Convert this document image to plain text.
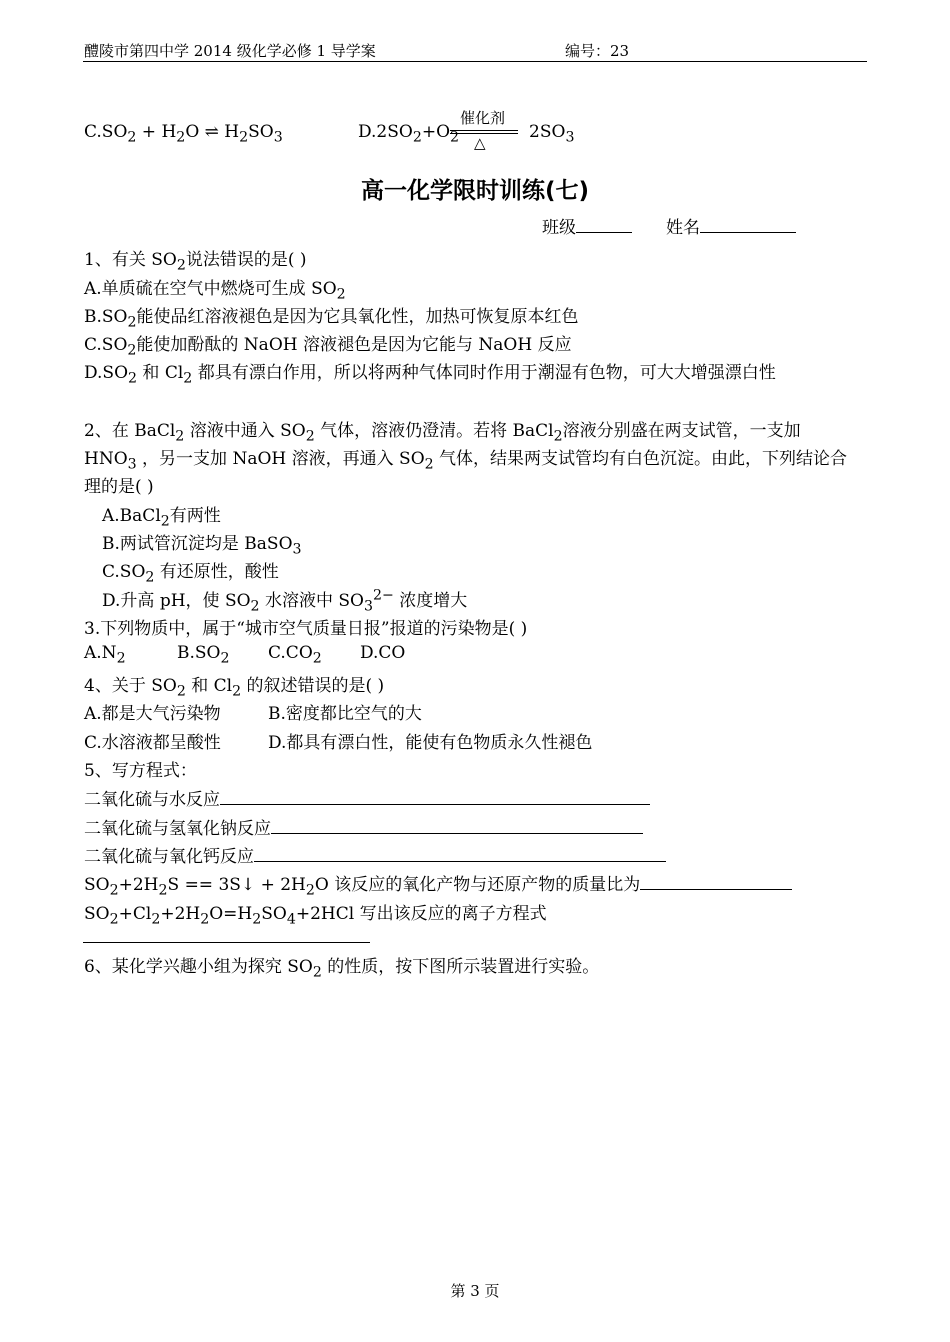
醴陵市第四中学 2014 级化学必修 1 导学案	编号：23
$C.SO_2 + H_2O$ ⇌ $H_2SO_3$	$D.2SO_2+O_2$	$2SO_3$
催化剂
△
高一化学限时训练(七)
班级	姓名
1、有关 $SO_2$说法错误的是( )
A.单质硫在空气中燃烧可生成 $SO_2$
$B.SO_2$能使品红溶液褪色是因为它具氧化性，加热可恢复原本红色
$C.SO_2$能使加酚酞的 NaOH 溶液褪色是因为它能与 NaOH 反应
$D.SO_2$ 和 $Cl_2$ 都具有漂白作用，所以将两种气体同时作用于潮湿有色物，可大大增强漂白性
2、在 BaCl$_2$ 溶液中通入 $SO_2$ 气体，溶液仍澄清。若将 BaCl$_2$溶液分别盛在两支试管，一支加
$HNO_3$ ，另一支加 NaOH 溶液，再通入 $SO_2$ 气体，结果两支试管均有白色沉淀。由此，下列结论合
理的是( )
A.BaCl$_2$有两性
B.两试管沉淀均是 BaSO$_3$
$C.SO_2$ 有还原性，酸性
D.升高 pH，使 $SO_2$ 水溶液中 $SO_3^{2-}$ 浓度增大
3.下列物质中，属于“城市空气质量日报”报道的污染物是( )
$A.N_2$	$B.SO_2$ $C.CO_2$ D.CO
4、关于 $SO_2$ 和 $Cl_2$ 的叙述错误的是( )
A.都是大气污染物	B.密度都比空气的大
C.水溶液都呈酸性	D.都具有漂白性，能使有色物质永久性褪色
5、写方程式：
二氧化硫与水反应
二氧化硫与氢氧化钠反应
二氧化硫与氧化钙反应
$SO_2+2H_2S$ == 3S↓ + $2H_2O$ 该反应的氧化产物与还原产物的质量比为
$SO_2+Cl_2+2H_2O=H_2SO_4+2HCl$ 写出该反应的离子方程式
6、某化学兴趣小组为探究 $SO_2$ 的性质，按下图所示装置进行实验。
第 3 页
